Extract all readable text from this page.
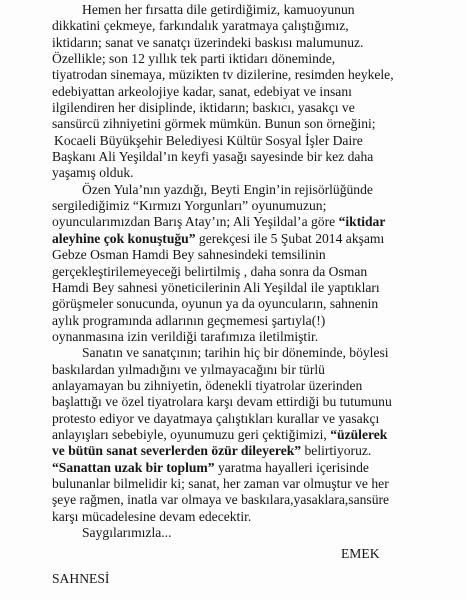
Hemen her fırsatta dile getirdiğimiz, kamuoyunun
dikkatini çekmeye, farkındalık yaratmaya çalıştığımız,
iktidarın; sanat ve sanatçı üzerindeki baskısı malumunuz.
Özellikle; son 12 yıllık tek parti iktidarı döneminde,
tiyatrodan sinemaya, müzikten tv dizilerine, resimden heykele,
edebiyattan arkeolojiye kadar, sanat, edebiyat ve insanı
ilgilendiren her disiplinde, iktidarın; baskıcı, yasakçı ve
sansürcü zihniyetini görmek mümkün. Bunun son örneğini;
Kocaeli Büyükşehir Belediyesi Kültür Sosyal İşler Daire
Başkanı Ali Yeşildal’ın keyfi yasağı sayesinde bir kez daha
yaşamış olduk.
Özen Yula’nın yazdığı, Beyti Engin’in rejisörlüğünde
sergilediğimiz “Kırmızı Yorgunları” oyunumuzun;
oyuncularımızdan Barış Atay’ın; Ali Yeşildal’a göre “iktidar
aleyhine çok konuştuğu” gerekçesi ile 5 Şubat 2014 akşamı
Gebze Osman Hamdi Bey sahnesindeki temsilinin
gerçekleştirilemeyeceği belirtilmiş , daha sonra da Osman
Hamdi Bey sahnesi yöneticilerinin Ali Yeşildal ile yaptıkları
görüşmeler sonucunda, oyunun ya da oyuncuların, sahnenin
aylık programında adlarının geçmemesi şartıyla(!)
oynanmasına izin verildiği tarafımıza iletilmiştir.
Sanatın ve sanatçının; tarihin hiç bir döneminde, böylesi
baskılardan yılmadığını ve yılmayacağını bir türlü
anlayamayan bu zihniyetin, ödenekli tiyatrolar üzerinden
başlattığı ve özel tiyatrolara karşı devam ettirdiği bu tutumunu
protesto ediyor ve dayatmaya çalıştıkları kurallar ve yasakçı
anlayışları sebebiyle, oyunumuzu geri çektiğimizi, “üzülerek
ve bütün sanat severlerden özür dileyerek” belirtiyoruz.
“Sanattan uzak bir toplum” yaratma hayalleri içerisinde
bulunanlar bilmelidir ki; sanat, her zaman var olmuştur ve her
şeye rağmen, inatla var olmaya ve baskılara,yasaklara,sansüre
karşı mücadelesine devam edecektir.
Saygılarımızla...
EMEK
SAHNESİ
